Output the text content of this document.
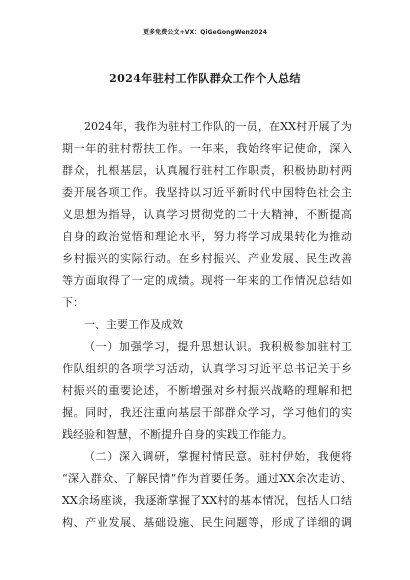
更多免费公文+VX：QiGeGongWen2024
2024年驻村工作队群众工作个人总结
2024年，我作为驻村工作队的一员，在XX村开展了为
期一年的驻村帮扶工作。一年来，我始终牢记使命，深入
群众，扎根基层，认真履行驻村工作职责，积极协助村两
委开展各项工作。我坚持以习近平新时代中国特色社会主
义思想为指导，认真学习贯彻党的二十大精神，不断提高
自身的政治觉悟和理论水平，努力将学习成果转化为推动
乡村振兴的实际行动。在乡村振兴、产业发展、民生改善
等方面取得了一定的成绩。现将一年来的工作情况总结如
下：
一、主要工作及成效
（一）加强学习，提升思想认识。我积极参加驻村工
作队组织的各项学习活动，认真学习习近平总书记关于乡
村振兴的重要论述，不断增强对乡村振兴战略的理解和把
握。同时，我还注重向基层干部群众学习，学习他们的实
践经验和智慧，不断提升自身的实践工作能力。
（二）深入调研，掌握村情民意。驻村伊始，我便将
“深入群众、了解民情”作为首要任务。通过XX余次走访、
XX余场座谈，我逐渐掌握了XX村的基本情况，包括人口结
构、产业发展、基础设施、民生问题等，形成了详细的调
